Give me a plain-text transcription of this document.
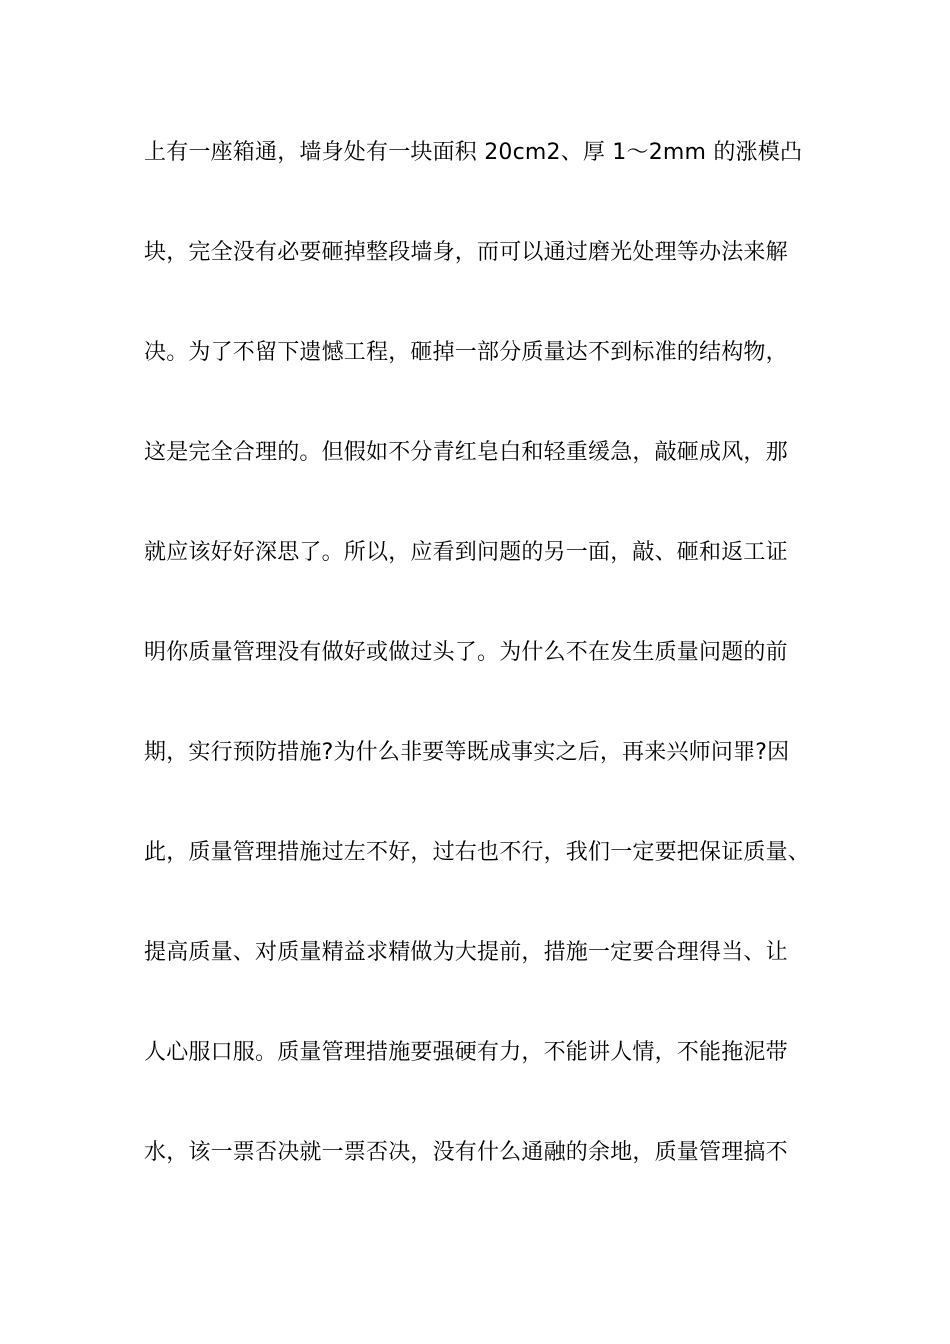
上有一座箱通，墙身处有一块面积 20cm2、厚 1～2mm 的涨模凸
块，完全没有必要砸掉整段墙身，而可以通过磨光处理等办法来解
决。为了不留下遗憾工程，砸掉一部分质量达不到标准的结构物，
这是完全合理的。但假如不分青红皂白和轻重缓急，敲砸成风，那
就应该好好深思了。所以，应看到问题的另一面，敲、砸和返工证
明你质量管理没有做好或做过头了。为什么不在发生质量问题的前
期，实行预防措施?为什么非要等既成事实之后，再来兴师问罪?因
此，质量管理措施过左不好，过右也不行，我们一定要把保证质量、
提高质量、对质量精益求精做为大提前，措施一定要合理得当、让
人心服口服。质量管理措施要强硬有力，不能讲人情，不能拖泥带
水，该一票否决就一票否决，没有什么通融的余地，质量管理搞不
